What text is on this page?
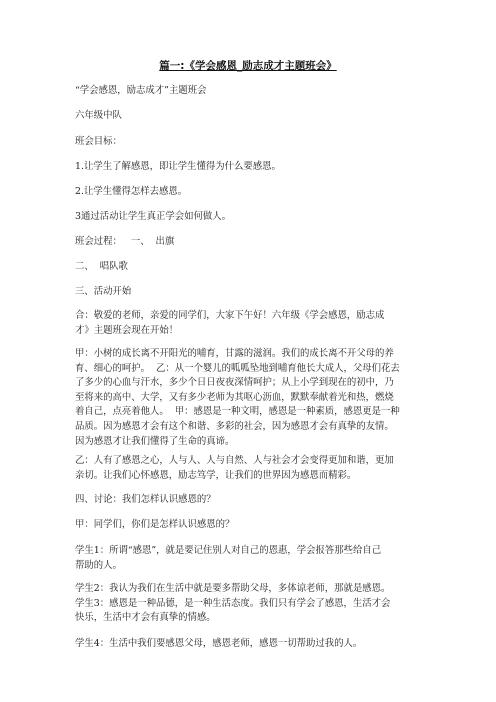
篇一:《学会感恩_励志成才主题班会》
“学会感恩，励志成才”主题班会
六年级中队
班会目标：
1.让学生了解感恩，即让学生懂得为什么要感恩。
2.让学生懂得怎样去感恩。
3通过活动让学生真正学会如何做人。
班会过程：   一、  出旗
二、  唱队歌
三、活动开始
合：敬爱的老师，亲爱的同学们，大家下午好！六年级《学会感恩，励志成
才》主题班会现在开始！
甲：小树的成长离不开阳光的哺育，甘露的滋润。我们的成长离不开父母的养
育、细心的呵护。  乙：从一个婴儿的呱呱坠地到哺育他长大成人，父母们花去
了多少的心血与汗水，多少个日日夜夜深情呵护；从上小学到现在的初中，乃
至将来的高中、大学，又有多少老师为其呕心沥血，默默奉献着光和热，燃烧
着自己，点亮着他人。  甲：感恩是一种文明，感恩是一种素质，感恩更是一种
品质。因为感恩才会有这个和谐、多彩的社会，因为感恩才会有真挚的友情。
因为感恩才让我们懂得了生命的真谛。
乙：人有了感恩之心，人与人、人与自然、人与社会才会变得更加和谐，更加
亲切。让我们心怀感恩，励志笃学，让我们的世界因为感恩而精彩。
四、讨论：我们怎样认识感恩的？
甲：同学们，你们是怎样认识感恩的？
学生1：所谓“感恩”，就是要记住别人对自己的恩惠，学会报答那些给自己
帮助的人。
学生2：我认为我们在生活中就是要多帮助父母，多体谅老师，那就是感恩。
学生3：感恩是一种品德，是一种生活态度。我们只有学会了感恩，生活才会
快乐，生活中才会有真挚的情感。
学生4：生活中我们要感恩父母，感恩老师，感恩一切帮助过我的人。
